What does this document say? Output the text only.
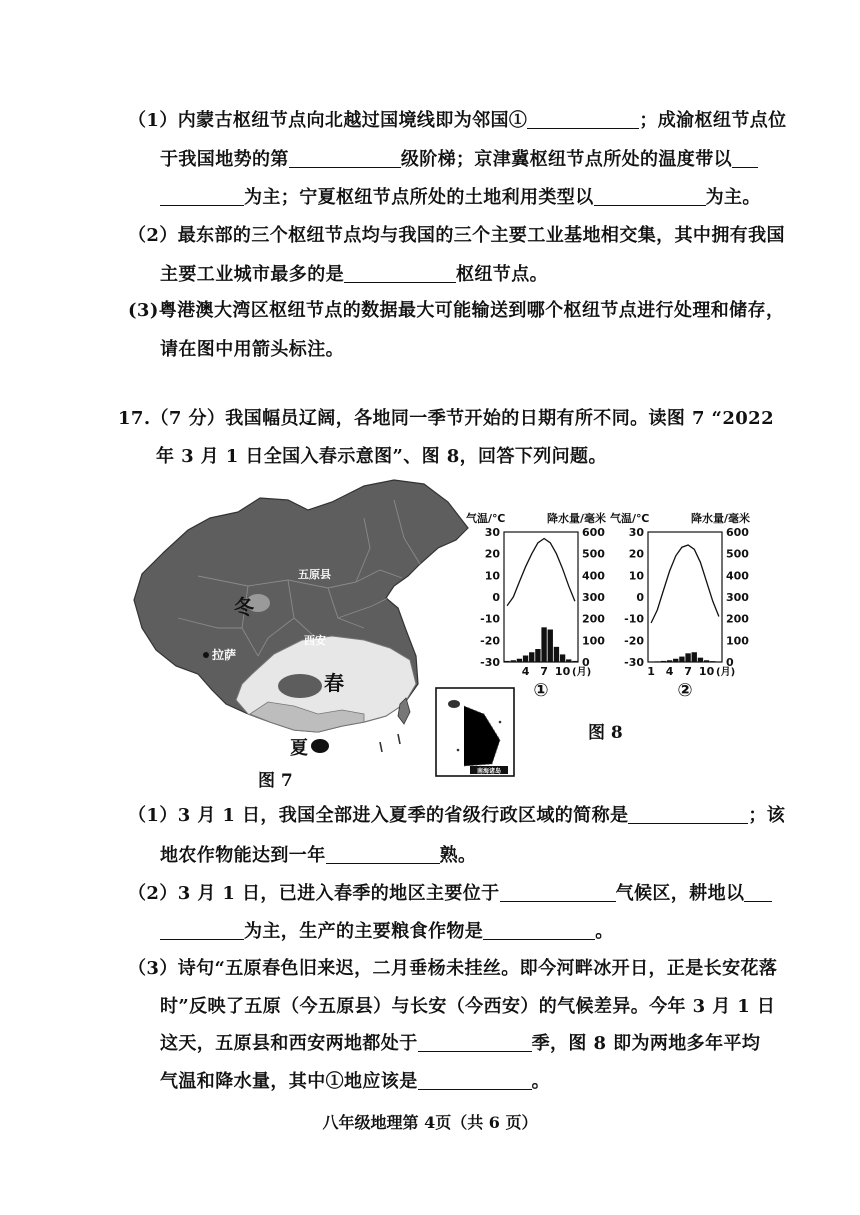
（1）内蒙古枢纽节点向北越过国境线即为邻国①	；成渝枢纽节点位
于我国地势的第	级阶梯；京津冀枢纽节点所处的温度带以
为主；宁夏枢纽节点所处的土地利用类型以	为主。
（2）最东部的三个枢纽节点均与我国的三个主要工业基地相交集，其中拥有我国
主要工业城市最多的是	枢纽节点。
(3)粤港澳大湾区枢纽节点的数据最大可能输送到哪个枢纽节点进行处理和储存，
请在图中用箭头标注。
17.（7 分）我国幅员辽阔，各地同一季节开始的日期有所不同。读图 7 “2022
年 3 月 1 日全国入春示意图”、图 8，回答下列问题。
五原县
冬
西安
拉萨
春
夏
南海诸岛
图 7
气温/℃	降水量/毫米
30
20
10
0
-10
-20
-30
600
500
400
300
200
100
0
4 7 10 (月)
①
气温/℃	降水量/毫米
30
20
10
0
-10
-20
-30
600
500
400
300
200
100
0
1 4 7 10 (月)
②
图 8
（1）3 月 1 日，我国全部进入夏季的省级行政区域的简称是	；该
地农作物能达到一年	熟。
（2）3 月 1 日，已进入春季的地区主要位于	气候区，耕地以
为主，生产的主要粮食作物是	。
（3）诗句“五原春色旧来迟，二月垂杨未挂丝。即今河畔冰开日，正是长安花落
时”反映了五原（今五原县）与长安（今西安）的气候差异。今年 3 月 1 日
这天，五原县和西安两地都处于	季，图 8 即为两地多年平均
气温和降水量，其中①地应该是	。
八年级地理第 4页（共 6 页）
